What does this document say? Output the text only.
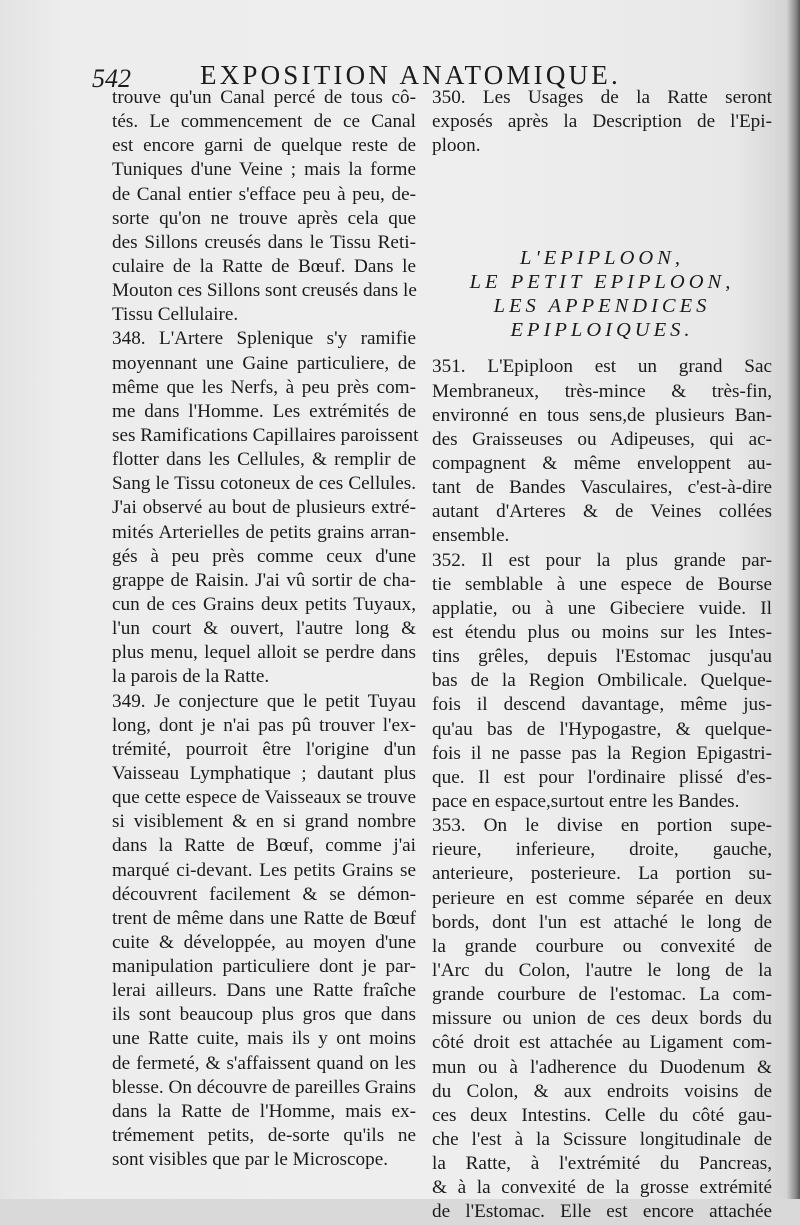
542	EXPOSITION ANATOMIQUE.
trouve qu'un Canal percé de tous cô-
tés. Le commencement de ce Canal
est encore garni de quelque reste de
Tuniques d'une Veine ; mais la forme
de Canal entier s'efface peu à peu, de-
sorte qu'on ne trouve après cela que
des Sillons creusés dans le Tissu Reti-
culaire de la Ratte de Bœuf. Dans le
Mouton ces Sillons sont creusés dans le
Tissu Cellulaire.
348. L'Artere Splenique s'y ramifie
moyennant une Gaine particuliere, de
même que les Nerfs, à peu près com-
me dans l'Homme. Les extrémités de
ses Ramifications Capillaires paroissent
flotter dans les Cellules, & remplir de
Sang le Tissu cotoneux de ces Cellules.
J'ai observé au bout de plusieurs extré-
mités Arterielles de petits grains arran-
gés à peu près comme ceux d'une
grappe de Raisin. J'ai vû sortir de cha-
cun de ces Grains deux petits Tuyaux,
l'un court & ouvert, l'autre long &
plus menu, lequel alloit se perdre dans
la parois de la Ratte.
349. Je conjecture que le petit Tuyau
long, dont je n'ai pas pû trouver l'ex-
trémité, pourroit être l'origine d'un
Vaisseau Lymphatique ; dautant plus
que cette espece de Vaisseaux se trouve
si visiblement & en si grand nombre
dans la Ratte de Bœuf, comme j'ai
marqué ci-devant. Les petits Grains se
découvrent facilement & se démon-
trent de même dans une Ratte de Bœuf
cuite & développée, au moyen d'une
manipulation particuliere dont je par-
lerai ailleurs. Dans une Ratte fraîche
ils sont beaucoup plus gros que dans
une Ratte cuite, mais ils y ont moins
de fermeté, & s'affaissent quand on les
blesse. On découvre de pareilles Grains
dans la Ratte de l'Homme, mais ex-
trémement petits, de-sorte qu'ils ne
sont visibles que par le Microscope.
350. Les Usages de la Ratte seront
exposés après la Description de l'Epi-
ploon.
L'EPIPLOON,
LE PETIT EPIPLOON,
LES APPENDICES
EPIPLOIQUES.
351. L'Epiploon est un grand Sac
Membraneux, très-mince & très-fin,
environné en tous sens,de plusieurs Ban-
des Graisseuses ou Adipeuses, qui ac-
compagnent & même enveloppent au-
tant de Bandes Vasculaires, c'est-à-dire
autant d'Arteres & de Veines collées
ensemble.
352. Il est pour la plus grande par-
tie semblable à une espece de Bourse
applatie, ou à une Gibeciere vuide. Il
est étendu plus ou moins sur les Intes-
tins grêles, depuis l'Estomac jusqu'au
bas de la Region Ombilicale. Quelque-
fois il descend davantage, même jus-
qu'au bas de l'Hypogastre, & quelque-
fois il ne passe pas la Region Epigastri-
que. Il est pour l'ordinaire plissé d'es-
pace en espace,surtout entre les Bandes.
353. On le divise en portion supe-
rieure, inferieure, droite, gauche,
anterieure, posterieure. La portion su-
perieure en est comme séparée en deux
bords, dont l'un est attaché le long de
la grande courbure ou convexité de
l'Arc du Colon, l'autre le long de la
grande courbure de l'estomac. La com-
missure ou union de ces deux bords du
côté droit est attachée au Ligament com-
mun ou à l'adherence du Duodenum &
du Colon, & aux endroits voisins de
ces deux Intestins. Celle du côté gau-
che l'est à la Scissure longitudinale de
la Ratte, à l'extrémité du Pancreas,
& à la convexité de la grosse extrémité
de l'Estomac. Elle est encore attachée
